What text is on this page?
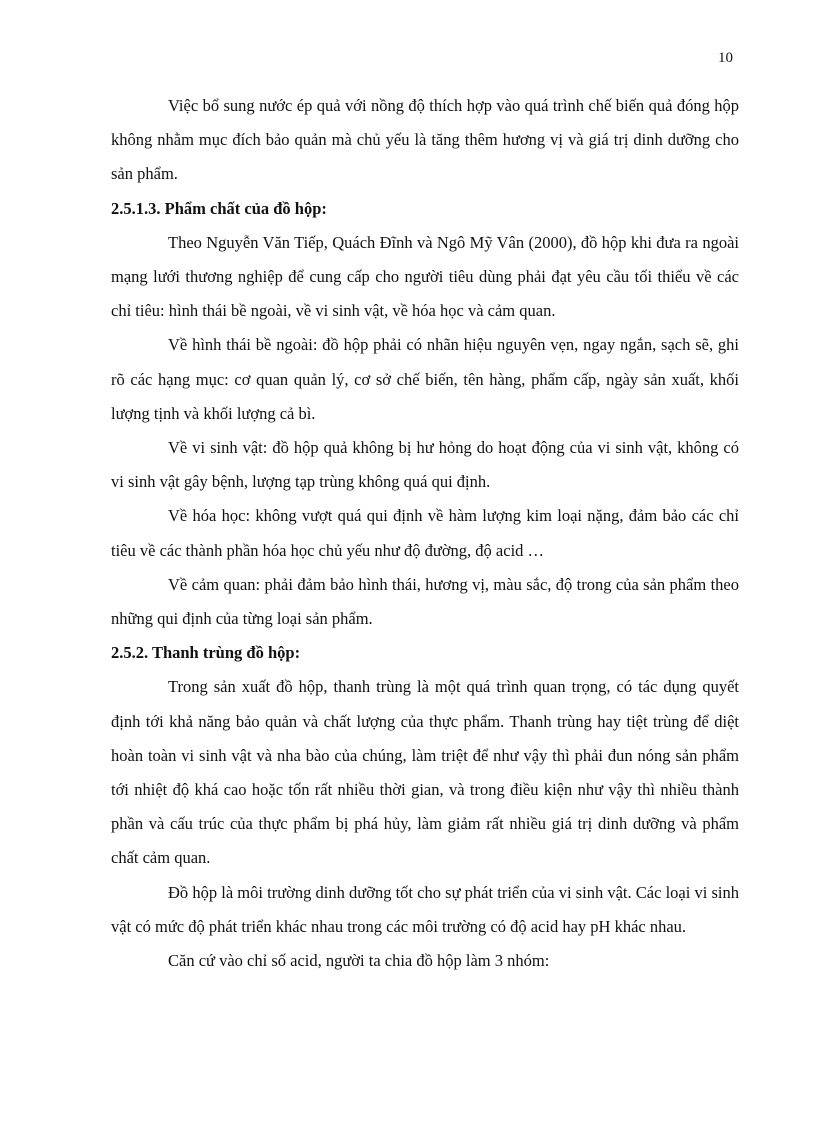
10

Việc bổ sung nước ép quả với nồng độ thích hợp vào quá trình chế biến quả đóng hộp không nhằm mục đích bảo quản mà chủ yếu là tăng thêm hương vị và giá trị dinh dưỡng cho sản phẩm.

2.5.1.3. Phẩm chất của đồ hộp:

Theo Nguyễn Văn Tiếp, Quách Đĩnh và Ngô Mỹ Vân (2000), đồ hộp khi đưa ra ngoài mạng lưới thương nghiệp để cung cấp cho người tiêu dùng phải đạt yêu cầu tối thiểu về các chỉ tiêu: hình thái bề ngoài, về vi sinh vật, về hóa học và cảm quan.

Về hình thái bề ngoài: đồ hộp phải có nhãn hiệu nguyên vẹn, ngay ngắn, sạch sẽ, ghi rõ các hạng mục: cơ quan quản lý, cơ sở chế biến, tên hàng, phẩm cấp, ngày sản xuất, khối lượng tịnh và khối lượng cả bì.

Về vi sinh vật: đồ hộp quả không bị hư hỏng do hoạt động của vi sinh vật, không có vi sinh vật gây bệnh, lượng tạp trùng không quá qui định.

Về hóa học: không vượt quá qui định về hàm lượng kim loại nặng, đảm bảo các chỉ tiêu về các thành phần hóa học chủ yếu như độ đường, độ acid …

Về cảm quan: phải đảm bảo hình thái, hương vị, màu sắc, độ trong của sản phẩm theo những qui định của từng loại sản phẩm.

2.5.2. Thanh trùng đồ hộp:

Trong sản xuất đồ hộp, thanh trùng là một quá trình quan trọng, có tác dụng quyết định tới khả năng bảo quản và chất lượng của thực phẩm. Thanh trùng hay tiệt trùng để diệt hoàn toàn vi sinh vật và nha bào của chúng, làm triệt để như vậy thì phải đun nóng sản phẩm tới nhiệt độ khá cao hoặc tốn rất nhiều thời gian, và trong điều kiện như vậy thì nhiều thành phần và cấu trúc của thực phẩm bị phá hủy, làm giảm rất nhiều giá trị dinh dưỡng và phẩm chất cảm quan.

Đồ hộp là môi trường dinh dưỡng tốt cho sự phát triển của vi sinh vật. Các loại vi sinh vật có mức độ phát triển khác nhau trong các môi trường có độ acid hay pH khác nhau.

Căn cứ vào chỉ số acid, người ta chia đồ hộp làm 3 nhóm:
